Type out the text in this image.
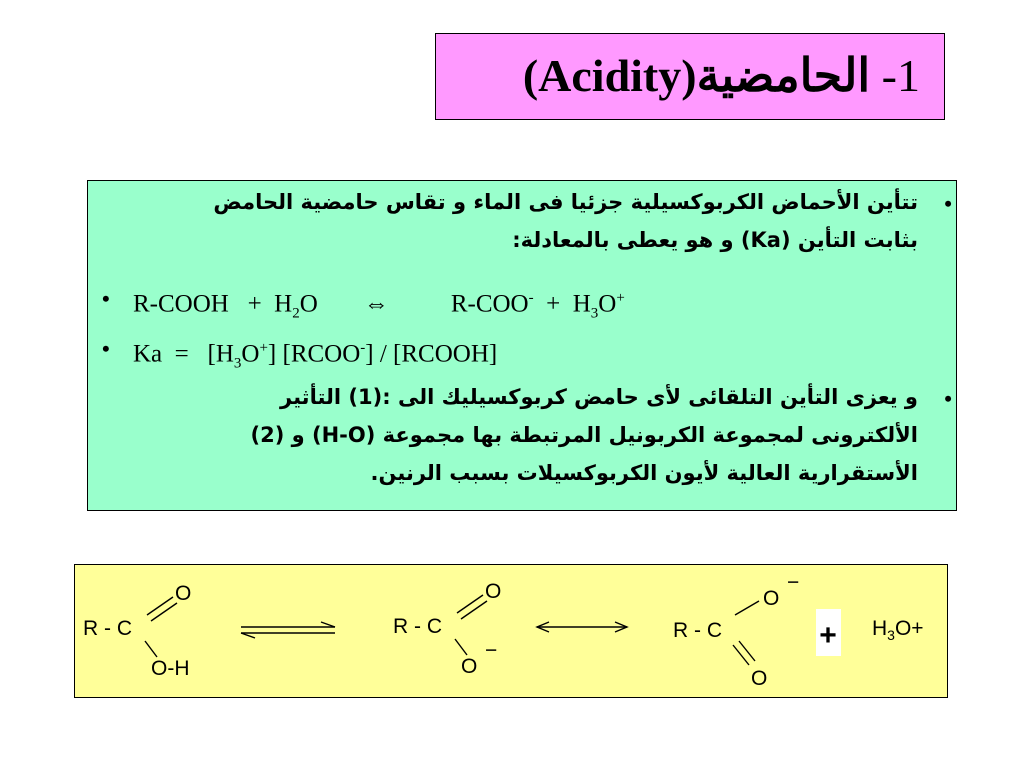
1- الحامضية(Acidity)
•
تتأين الأحماض الكربوكسيلية جزئيا فى الماء و تقاس حامضية الحامض
بثابت التأين (Ka) و هو يعطى بالمعادلة:
• R-COOH   +  $H_2O$ ⇔ $R-COO^- + H_3O^+$
• $Ka = [H_3O^+]$ [RCOO-] / [RCOOH]
•
و يعزى التأين التلقائى لأى حامض كربوكسيليك الى :(1) التأثير
الألكترونى لمجموعة الكربونيل المرتبطة بها مجموعة (H-O) و (2)
الأستقرارية العالية لأيون الكربوكسيلات بسبب الرنين.
R - C
O
O-H
R - C
O
O
−
R - C
O
−
O
+ $H_3O+$
